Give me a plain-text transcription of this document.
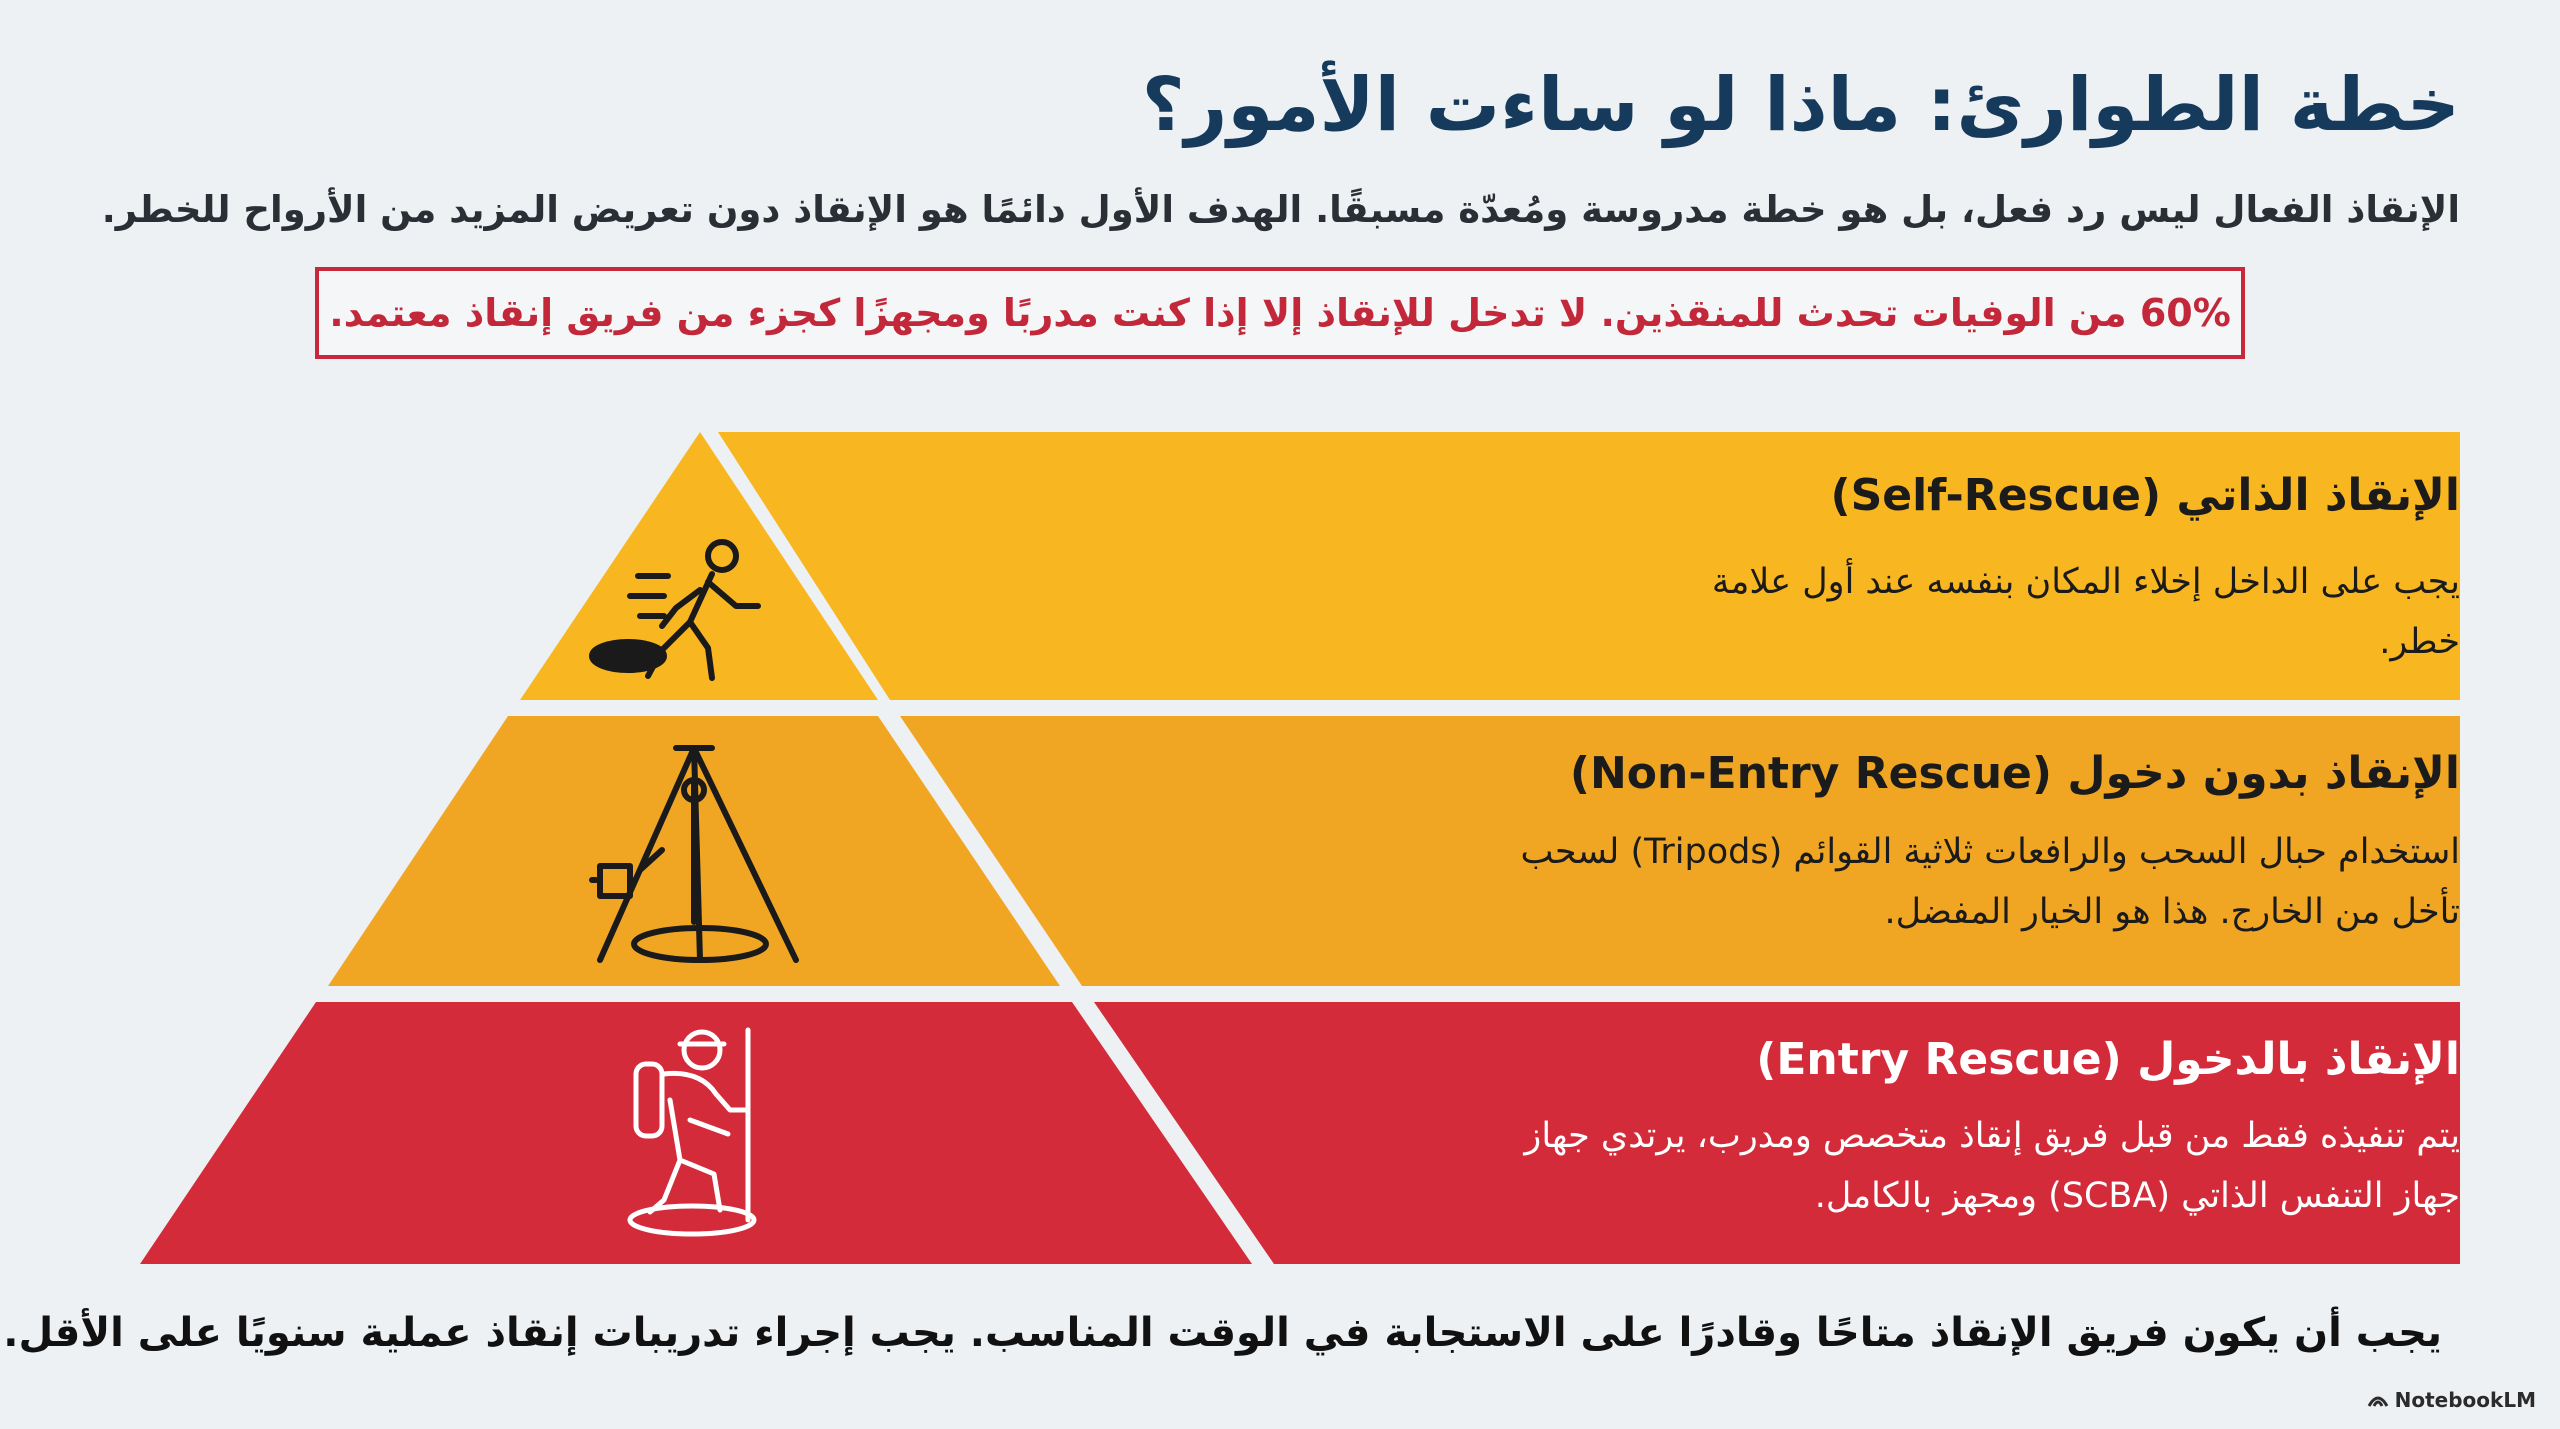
خطة الطوارئ: ماذا لو ساءت الأمور؟

الإنقاذ الفعال ليس رد فعل، بل هو خطة مدروسة ومُعدّة مسبقًا. الهدف الأول دائمًا هو الإنقاذ دون تعريض المزيد من الأرواح للخطر.

60% من الوفيات تحدث للمنقذين. لا تدخل للإنقاذ إلا إذا كنت مدربًا ومجهزًا كجزء من فريق إنقاذ معتمد.

الإنقاذ الذاتي (Self-Rescue)

يجب على الداخل إخلاء المكان بنفسه عند أول علامة خطر.

الإنقاذ بدون دخول (Non-Entry Rescue)

استخدام حبال السحب والرافعات ثلاثية القوائم (Tripods) لسحب تأخل من الخارج. هذا هو الخيار المفضل.

الإنقاذ بالدخول (Entry Rescue)

يتم تنفيذه فقط من قبل فريق إنقاذ متخصص ومدرب، يرتدي جهاز جهاز التنفس الذاتي (SCBA) ومجهز بالكامل.

يجب أن يكون فريق الإنقاذ متاحًا وقادرًا على الاستجابة في الوقت المناسب. يجب إجراء تدريبات إنقاذ عملية سنويًا على الأقل.

NotebookLM
